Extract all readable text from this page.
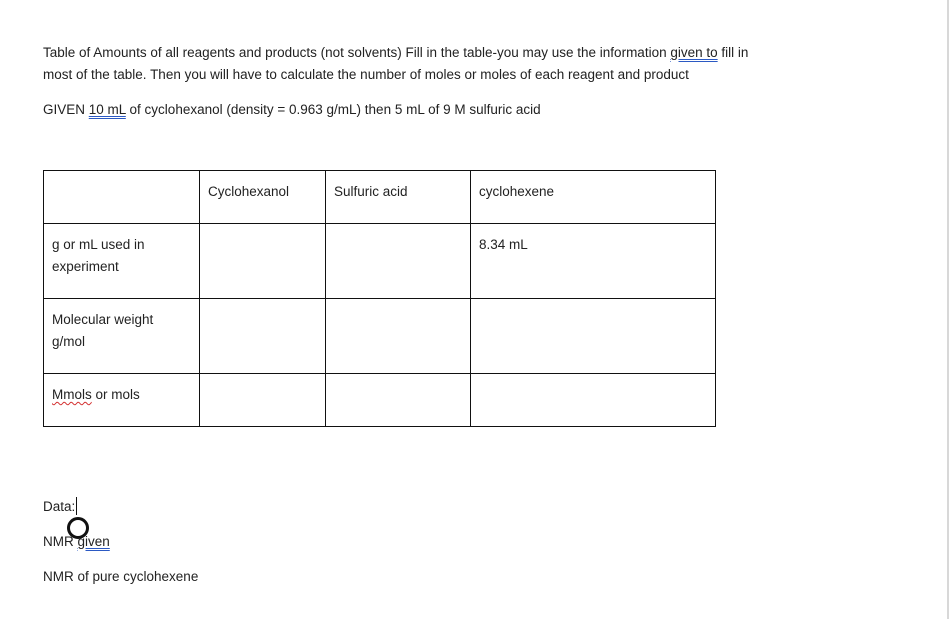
Table of Amounts of all reagents and products (not solvents) Fill in the table-you may use the information given to fill in
most of the table. Then you will have to calculate the number of moles or moles of each reagent and product
GIVEN 10 mL of cyclohexanol (density = 0.963 g/mL) then 5 mL of 9 M sulfuric acid
	Cyclohexanol	Sulfuric acid	cyclohexene
g or mL used in
experiment			8.34 mL
Molecular weight
g/mol			
Mmols or mols			
Data:
NMR given
NMR of pure cyclohexene
